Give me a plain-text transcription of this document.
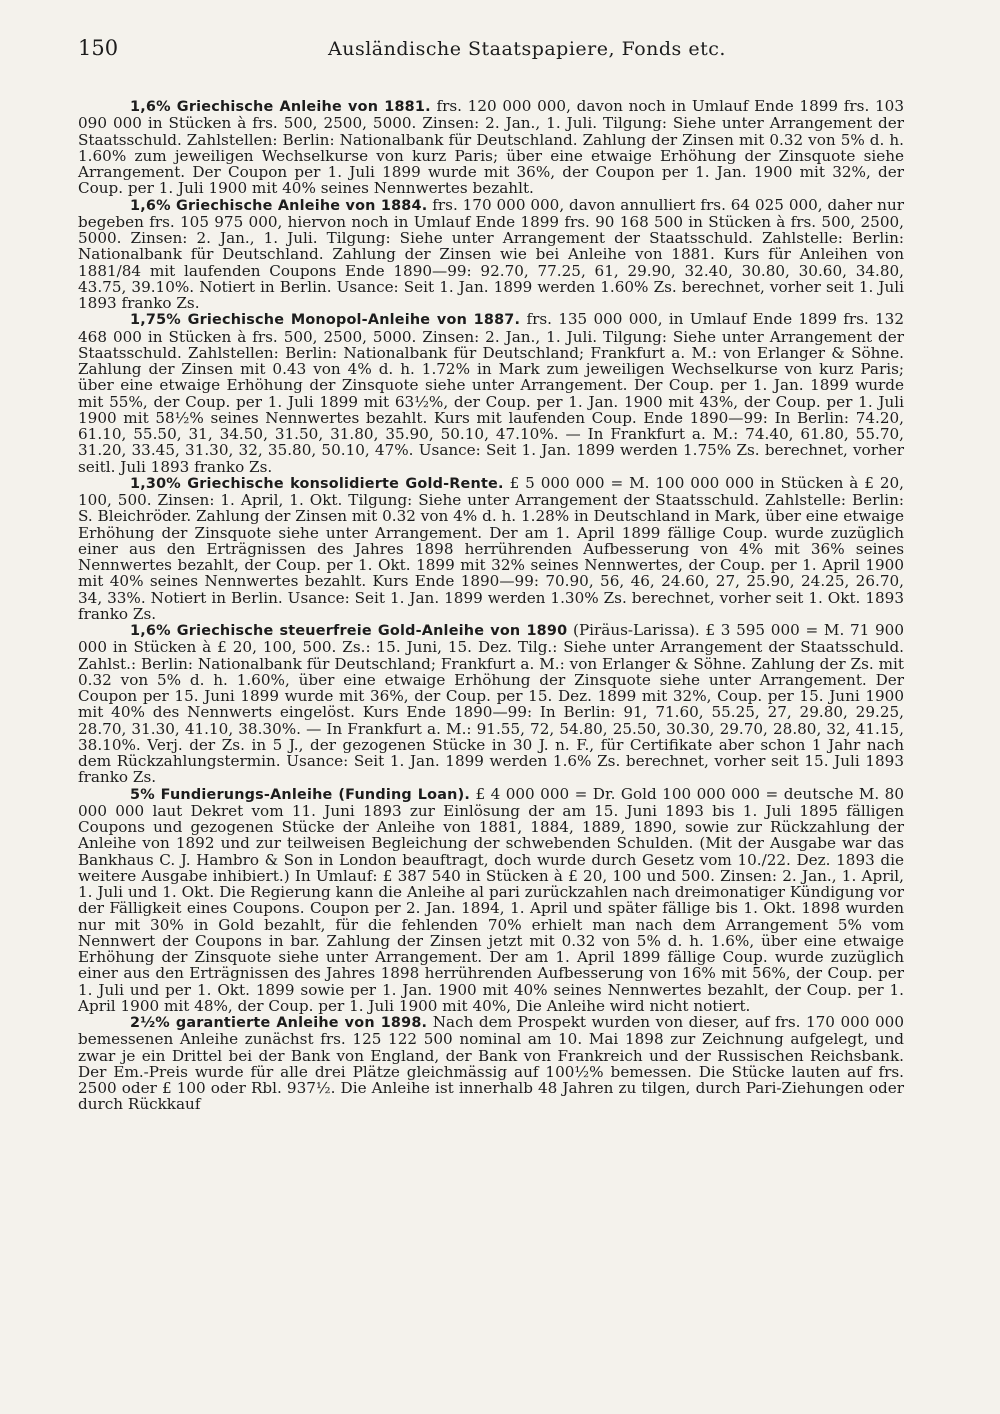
150	Ausländische Staatspapiere, Fonds etc.

1,6% Griechische Anleihe von 1881. frs. 120 000 000, davon noch in Umlauf Ende 1899 frs. 103 090 000 in Stücken à frs. 500, 2500, 5000. Zinsen: 2. Jan., 1. Juli. Tilgung: Siehe unter Arrangement der Staatsschuld. Zahlstellen: Berlin: Nationalbank für Deutschland. Zahlung der Zinsen mit 0.32 von 5% d. h. 1.60% zum jeweiligen Wechselkurse von kurz Paris; über eine etwaige Erhöhung der Zinsquote siehe Arrangement. Der Coupon per 1. Juli 1899 wurde mit 36%, der Coupon per 1. Jan. 1900 mit 32%, der Coup. per 1. Juli 1900 mit 40% seines Nennwertes bezahlt.

1,6% Griechische Anleihe von 1884. frs. 170 000 000, davon annulliert frs. 64 025 000, daher nur begeben frs. 105 975 000, hiervon noch in Umlauf Ende 1899 frs. 90 168 500 in Stücken à frs. 500, 2500, 5000. Zinsen: 2. Jan., 1. Juli. Tilgung: Siehe unter Arrangement der Staatsschuld. Zahlstelle: Berlin: Nationalbank für Deutschland. Zahlung der Zinsen wie bei Anleihe von 1881. Kurs für Anleihen von 1881/84 mit laufenden Coupons Ende 1890—99: 92.70, 77.25, 61, 29.90, 32.40, 30.80, 30.60, 34.80, 43.75, 39.10%. Notiert in Berlin. Usance: Seit 1. Jan. 1899 werden 1.60% Zs. berechnet, vorher seit 1. Juli 1893 franko Zs.

1,75% Griechische Monopol-Anleihe von 1887. frs. 135 000 000, in Umlauf Ende 1899 frs. 132 468 000 in Stücken à frs. 500, 2500, 5000. Zinsen: 2. Jan., 1. Juli. Tilgung: Siehe unter Arrangement der Staatsschuld. Zahlstellen: Berlin: Nationalbank für Deutschland; Frankfurt a. M.: von Erlanger & Söhne. Zahlung der Zinsen mit 0.43 von 4% d. h. 1.72% in Mark zum jeweiligen Wechselkurse von kurz Paris; über eine etwaige Erhöhung der Zinsquote siehe unter Arrangement. Der Coup. per 1. Jan. 1899 wurde mit 55%, der Coup. per 1. Juli 1899 mit 63½%, der Coup. per 1. Jan. 1900 mit 43%, der Coup. per 1. Juli 1900 mit 58½% seines Nennwertes bezahlt. Kurs mit laufenden Coup. Ende 1890—99: In Berlin: 74.20, 61.10, 55.50, 31, 34.50, 31.50, 31.80, 35.90, 50.10, 47.10%. — In Frankfurt a. M.: 74.40, 61.80, 55.70, 31.20, 33.45, 31.30, 32, 35.80, 50.10, 47%. Usance: Seit 1. Jan. 1899 werden 1.75% Zs. berechnet, vorher seitl. Juli 1893 franko Zs.

1,30% Griechische konsolidierte Gold-Rente. £ 5 000 000 = M. 100 000 000 in Stücken à £ 20, 100, 500. Zinsen: 1. April, 1. Okt. Tilgung: Siehe unter Arrangement der Staatsschuld. Zahlstelle: Berlin: S. Bleichröder. Zahlung der Zinsen mit 0.32 von 4% d. h. 1.28% in Deutschland in Mark, über eine etwaige Erhöhung der Zinsquote siehe unter Arrangement. Der am 1. April 1899 fällige Coup. wurde zuzüglich einer aus den Erträgnissen des Jahres 1898 herrührenden Aufbesserung von 4% mit 36% seines Nennwertes bezahlt, der Coup. per 1. Okt. 1899 mit 32% seines Nennwertes, der Coup. per 1. April 1900 mit 40% seines Nennwertes bezahlt. Kurs Ende 1890—99: 70.90, 56, 46, 24.60, 27, 25.90, 24.25, 26.70, 34, 33%. Notiert in Berlin. Usance: Seit 1. Jan. 1899 werden 1.30% Zs. berechnet, vorher seit 1. Okt. 1893 franko Zs.

1,6% Griechische steuerfreie Gold-Anleihe von 1890 (Piräus-Larissa). £ 3 595 000 = M. 71 900 000 in Stücken à £ 20, 100, 500. Zs.: 15. Juni, 15. Dez. Tilg.: Siehe unter Arrangement der Staatsschuld. Zahlst.: Berlin: Nationalbank für Deutschland; Frankfurt a. M.: von Erlanger & Söhne. Zahlung der Zs. mit 0.32 von 5% d. h. 1.60%, über eine etwaige Erhöhung der Zinsquote siehe unter Arrangement. Der Coupon per 15. Juni 1899 wurde mit 36%, der Coup. per 15. Dez. 1899 mit 32%, Coup. per 15. Juni 1900 mit 40% des Nennwerts eingelöst. Kurs Ende 1890—99: In Berlin: 91, 71.60, 55.25, 27, 29.80, 29.25, 28.70, 31.30, 41.10, 38.30%. — In Frankfurt a. M.: 91.55, 72, 54.80, 25.50, 30.30, 29.70, 28.80, 32, 41.15, 38.10%. Verj. der Zs. in 5 J., der gezogenen Stücke in 30 J. n. F., für Certifikate aber schon 1 Jahr nach dem Rückzahlungstermin. Usance: Seit 1. Jan. 1899 werden 1.6% Zs. berechnet, vorher seit 15. Juli 1893 franko Zs.

5% Fundierungs-Anleihe (Funding Loan). £ 4 000 000 = Dr. Gold 100 000 000 = deutsche M. 80 000 000 laut Dekret vom 11. Juni 1893 zur Einlösung der am 15. Juni 1893 bis 1. Juli 1895 fälligen Coupons und gezogenen Stücke der Anleihe von 1881, 1884, 1889, 1890, sowie zur Rückzahlung der Anleihe von 1892 und zur teilweisen Begleichung der schwebenden Schulden. (Mit der Ausgabe war das Bankhaus C. J. Hambro & Son in London beauftragt, doch wurde durch Gesetz vom 10./22. Dez. 1893 die weitere Ausgabe inhibiert.) In Umlauf: £ 387 540 in Stücken à £ 20, 100 und 500. Zinsen: 2. Jan., 1. April, 1. Juli und 1. Okt. Die Regierung kann die Anleihe al pari zurückzahlen nach dreimonatiger Kündigung vor der Fälligkeit eines Coupons. Coupon per 2. Jan. 1894, 1. April und später fällige bis 1. Okt. 1898 wurden nur mit 30% in Gold bezahlt, für die fehlenden 70% erhielt man nach dem Arrangement 5% vom Nennwert der Coupons in bar. Zahlung der Zinsen jetzt mit 0.32 von 5% d. h. 1.6%, über eine etwaige Erhöhung der Zinsquote siehe unter Arrangement. Der am 1. April 1899 fällige Coup. wurde zuzüglich einer aus den Erträgnissen des Jahres 1898 herrührenden Aufbesserung von 16% mit 56%, der Coup. per 1. Juli und per 1. Okt. 1899 sowie per 1. Jan. 1900 mit 40% seines Nennwertes bezahlt, der Coup. per 1. April 1900 mit 48%, der Coup. per 1. Juli 1900 mit 40%, Die Anleihe wird nicht notiert.

2½% garantierte Anleihe von 1898. Nach dem Prospekt wurden von dieser, auf frs. 170 000 000 bemessenen Anleihe zunächst frs. 125 122 500 nominal am 10. Mai 1898 zur Zeichnung aufgelegt, und zwar je ein Drittel bei der Bank von England, der Bank von Frankreich und der Russischen Reichsbank. Der Em.-Preis wurde für alle drei Plätze gleichmässig auf 100½% bemessen. Die Stücke lauten auf frs. 2500 oder £ 100 oder Rbl. 937½. Die Anleihe ist innerhalb 48 Jahren zu tilgen, durch Pari-Ziehungen oder durch Rückkauf
